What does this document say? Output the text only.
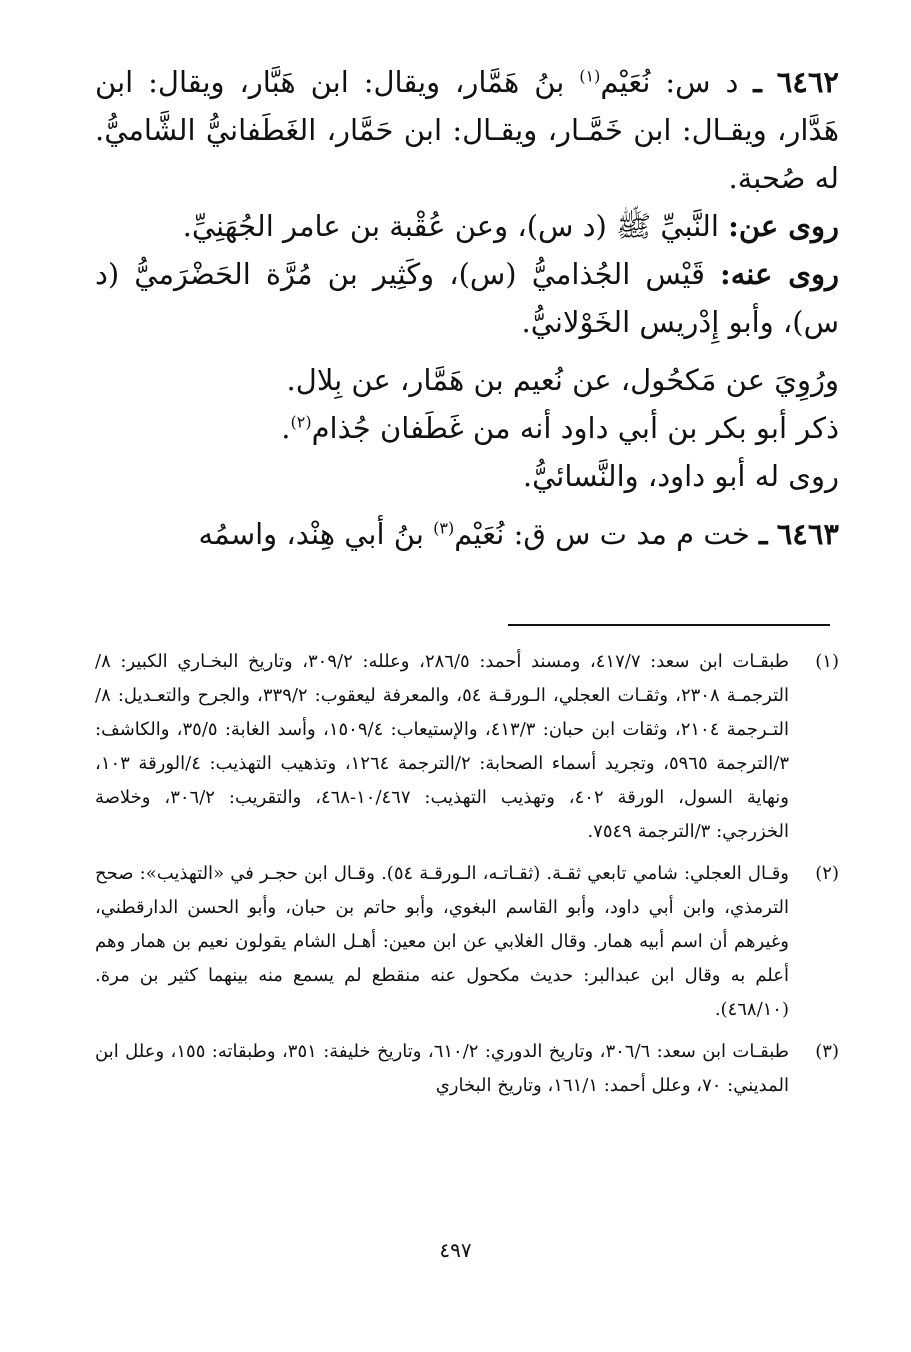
٦٤٦٢ ـ د س: نُعَيْم$^{(١)}$ بنُ هَمَّار، ويقال: ابن هَبَّار، ويقال: ابن هَدَّار، ويقـال: ابن خَمَّـار، ويقـال: ابن حَمَّار، الغَطَفانيُّ الشَّاميُّ. له صُحبة.

روى عن: النَّبيِّ ﷺ (د س)، وعن عُقْبة بن عامر الجُهَنِيِّ.

روى عنه: قَيْس الجُذاميُّ (س)، وكَثِير بن مُرَّة الحَضْرَميُّ (د س)، وأبو إِدْريس الخَوْلانيُّ.

ورُوِيَ عن مَكحُول، عن نُعيم بن هَمَّار، عن بِلال.

ذكر أبو بكر بن أبي داود أنه من غَطَفان جُذام$^{(٢)}$.

روى له أبو داود، والنَّسائيُّ.

٦٤٦٣ ـ خت م مد ت س ق: نُعَيْم$^{(٣)}$ بنُ أبي هِنْد، واسمُه

(١)
طبقـات ابن سعد: ٤١٧/٧، ومسند أحمد: ٢٨٦/٥، وعلله: ٣٠٩/٢، وتاريخ البخـاري الكبير: ٨/الترجمـة ٢٣٠٨، وثقـات العجلي، الـورقـة ٥٤، والمعرفة ليعقوب: ٣٣٩/٢، والجرح والتعـديل: ٨/التـرجمة ٢١٠٤، وثقات ابن حبان: ٤١٣/٣، والإستيعاب: ١٥٠٩/٤، وأسد الغابة: ٣٥/٥، والكاشف: ٣/الترجمة ٥٩٦٥، وتجريد أسماء الصحابة: ٢/الترجمة ١٢٦٤، وتذهيب التهذيب: ٤/الورقة ١٠٣، ونهاية السول، الورقة ٤٠٢، وتهذيب التهذيب: ١٠/٤٦٧-٤٦٨، والتقريب: ٣٠٦/٢، وخلاصة الخزرجي: ٣/الترجمة ٧٥٤٩.
(٢)
وقـال العجلي: شامي تابعي ثقـة. (ثقـاتـه، الـورقـة ٥٤). وقـال ابن حجـر في «التهذيب»: صحح الترمذي، وابن أبي داود، وأبو القاسم البغوي، وأبو حاتم بن حبان، وأبو الحسن الدارقطني، وغيرهم أن اسم أبيه همار. وقال الغلابي عن ابن معين: أهـل الشام يقولون نعيم بن همار وهم أعلم به وقال ابن عبدالبر: حديث مكحول عنه منقطع لم يسمع منه بينهما كثير بن مرة. (٤٦٨/١٠).
(٣)
طبقـات ابن سعد: ٣٠٦/٦، وتاريخ الدوري: ٦١٠/٢، وتاريخ خليفة: ٣٥١، وطبقاته: ١٥٥، وعلل ابن المديني: ٧٠، وعلل أحمد: ١٦١/١، وتاريخ البخاري
٤٩٧
